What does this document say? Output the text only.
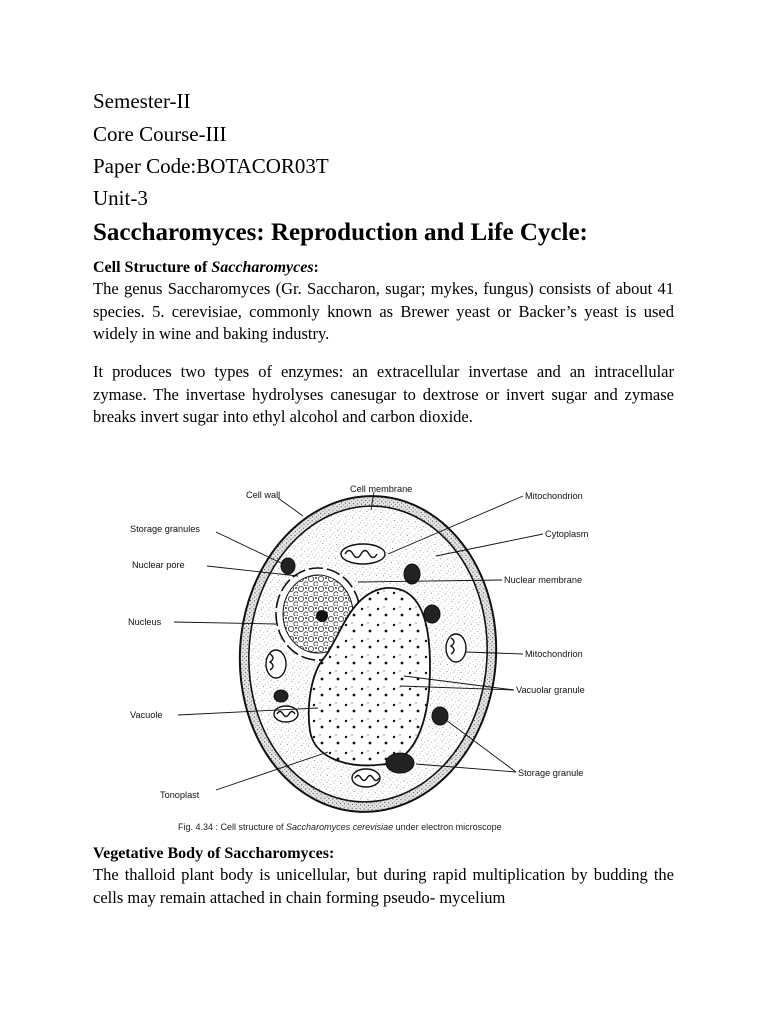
Semester-II
Core Course-III
Paper Code:BOTACOR03T
Unit-3
Saccharomyces: Reproduction and Life Cycle:
Cell Structure of Saccharomyces:

The genus Saccharomyces (Gr. Saccharon, sugar; mykes, fungus) consists of about 41 species. 5. cerevisiae, commonly known as Brewer yeast or Backer’s yeast is used widely in wine and baking industry.

It produces two types of enzymes: an extracellular invertase and an intracellular zymase. The invertase hydrolyses canesugar to dextrose or invert sugar and zymase breaks invert sugar into ethyl alcohol and carbon dioxide.

Cell wall
Cell membrane
Mitochondrion
Storage granules	Cytoplasm
Nuclear pore
Nuclear membrane
Nucleus
Mitochondrion
Vacuolar granule
Vacuole
Storage granule
Tonoplast
Fig. 4.34 : Cell structure of Saccharomyces cerevisiae under electron microscope
Vegetative Body of Saccharomyces:

The thalloid plant body is unicellular, but during rapid multiplication by budding the cells may remain attached in chain forming pseudo- mycelium
